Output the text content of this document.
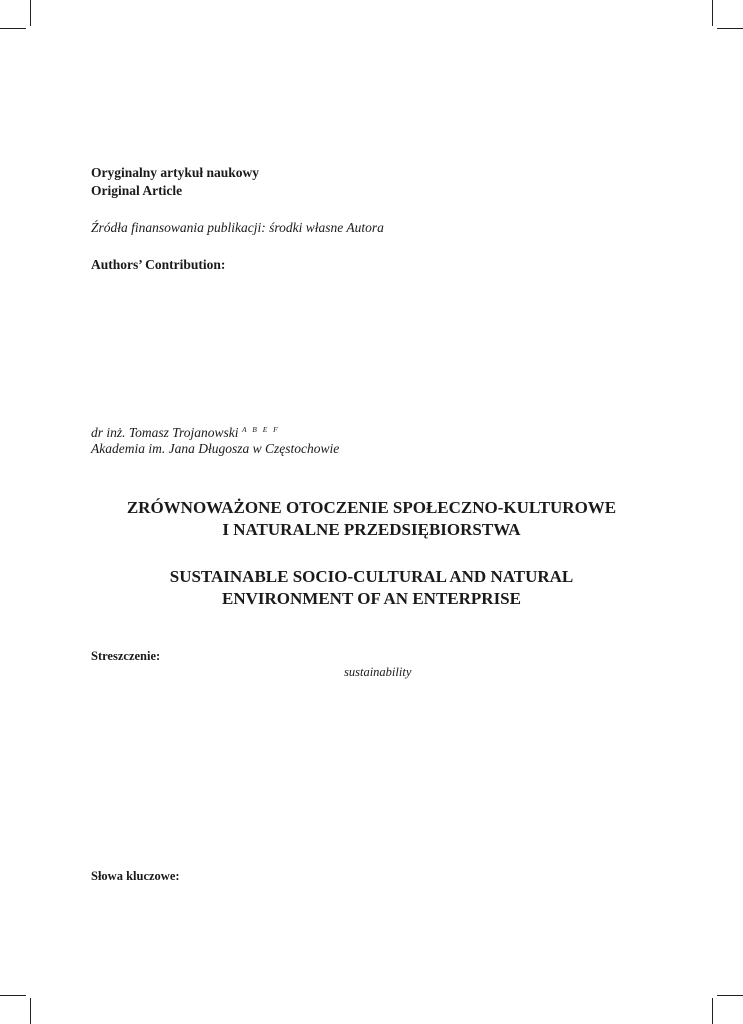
Oryginalny artykuł naukowy
Original Article
Źródła finansowania publikacji: środki własne Autora
Authors’ Contribution:
dr inż. Tomasz Trojanowski $^{A B E F}$
Akademia im. Jana Długosza w Częstochowie
ZRÓWNOWAŻONE OTOCZENIE SPOŁECZNO-KULTUROWE
I NATURALNE PRZEDSIĘBIORSTWA
SUSTAINABLE SOCIO-CULTURAL AND NATURAL
ENVIRONMENT OF AN ENTERPRISE
Streszczenie:
sustainability
Słowa kluczowe:
